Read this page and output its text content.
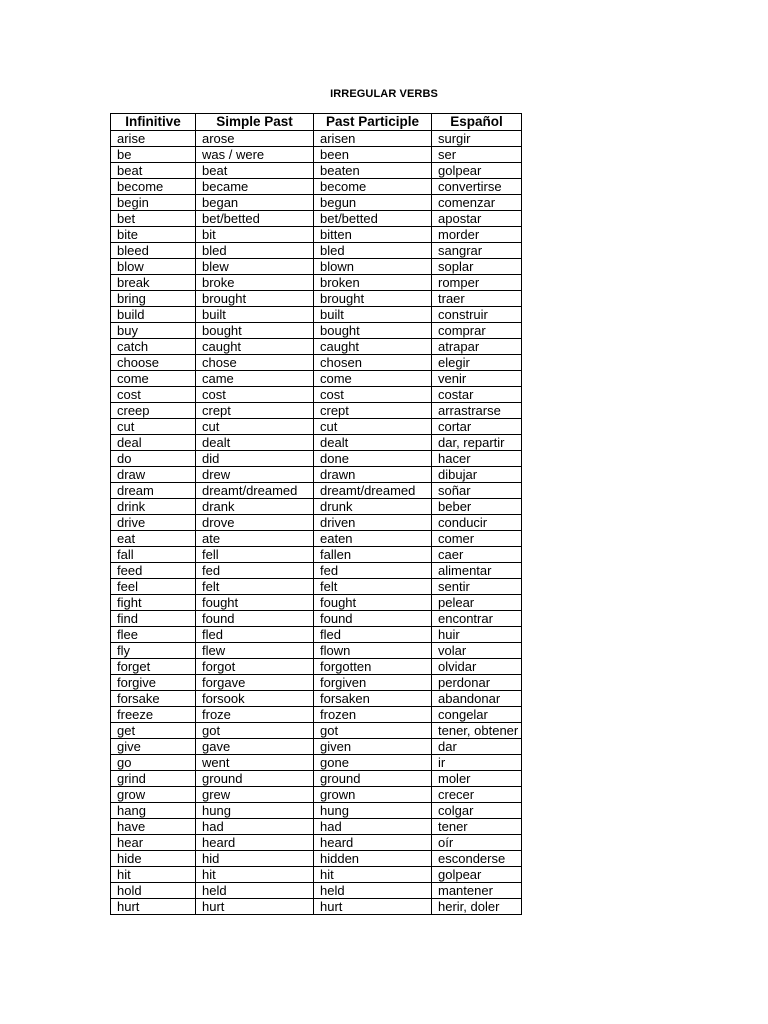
IRREGULAR VERBS
Infinitive	Simple Past	Past Participle	Español
arise	arose	arisen	surgir
be	was / were	been	ser
beat	beat	beaten	golpear
become	became	become	convertirse
begin	began	begun	comenzar
bet	bet/betted	bet/betted	apostar
bite	bit	bitten	morder
bleed	bled	bled	sangrar
blow	blew	blown	soplar
break	broke	broken	romper
bring	brought	brought	traer
build	built	built	construir
buy	bought	bought	comprar
catch	caught	caught	atrapar
choose	chose	chosen	elegir
come	came	come	venir
cost	cost	cost	costar
creep	crept	crept	arrastrarse
cut	cut	cut	cortar
deal	dealt	dealt	dar, repartir
do	did	done	hacer
draw	drew	drawn	dibujar
dream	dreamt/dreamed	dreamt/dreamed	soñar
drink	drank	drunk	beber
drive	drove	driven	conducir
eat	ate	eaten	comer
fall	fell	fallen	caer
feed	fed	fed	alimentar
feel	felt	felt	sentir
fight	fought	fought	pelear
find	found	found	encontrar
flee	fled	fled	huir
fly	flew	flown	volar
forget	forgot	forgotten	olvidar
forgive	forgave	forgiven	perdonar
forsake	forsook	forsaken	abandonar
freeze	froze	frozen	congelar
get	got	got	tener, obtener
give	gave	given	dar
go	went	gone	ir
grind	ground	ground	moler
grow	grew	grown	crecer
hang	hung	hung	colgar
have	had	had	tener
hear	heard	heard	oír
hide	hid	hidden	esconderse
hit	hit	hit	golpear
hold	held	held	mantener
hurt	hurt	hurt	herir, doler
